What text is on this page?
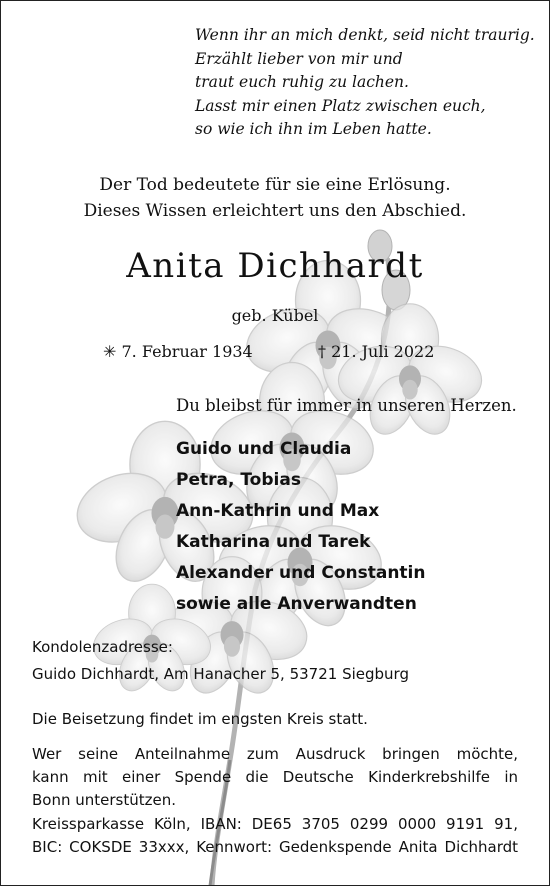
Wenn ihr an mich denkt, seid nicht traurig.
Erzählt lieber von mir und
traut euch ruhig zu lachen.
Lasst mir einen Platz zwischen euch,
so wie ich ihn im Leben hatte.
Der Tod bedeutete für sie eine Erlösung.
Dieses Wissen erleichtert uns den Abschied.
Anita Dichhardt
geb. Kübel
✳ 7. Februar 1934	† 21. Juli 2022
Du bleibst für immer in unseren Herzen.
Guido und Claudia
Petra, Tobias
Ann-Kathrin und Max
Katharina und Tarek
Alexander und Constantin
sowie alle Anverwandten
Kondolenzadresse:
Guido Dichhardt, Am Hanacher 5, 53721 Siegburg
Die Beisetzung findet im engsten Kreis statt.
Wer seine Anteilnahme zum Ausdruck bringen möchte,
kann mit einer Spende die Deutsche Kinderkrebshilfe in
Bonn unterstützen.
Kreissparkasse Köln, IBAN: DE65 3705 0299 0000 9191 91,
BIC: COKSDE 33xxx, Kennwort: Gedenkspende Anita Dichhardt
